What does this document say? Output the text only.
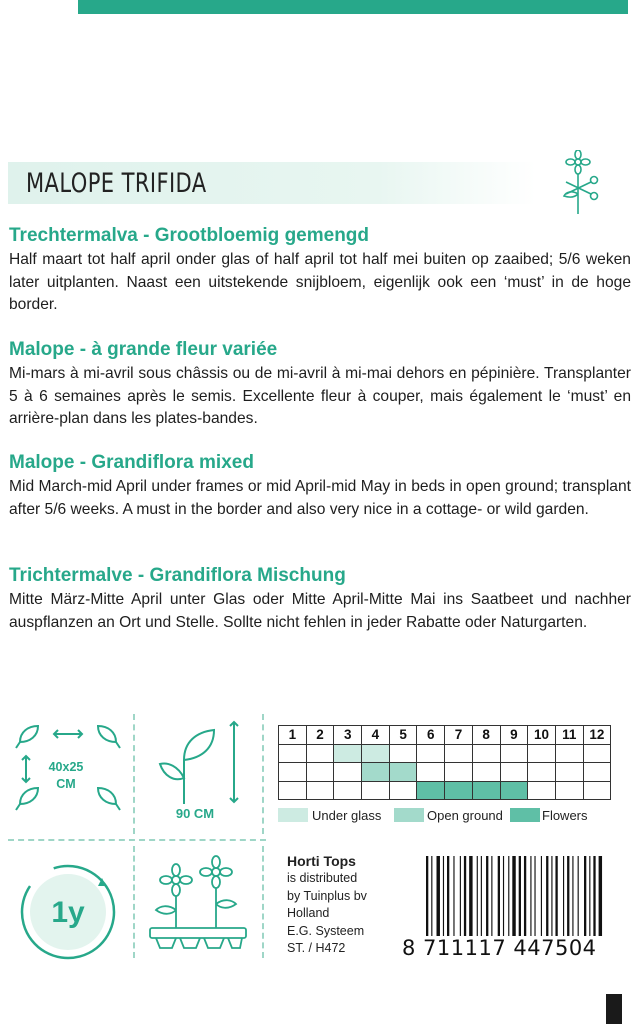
MALOPE TRIFIDA
Trechtermalva - Grootbloemig gemengd

Half maart tot half april onder glas of half april tot half mei buiten op zaaibed; 5/6 weken later uitplanten. Naast een uitstekende snijbloem, eigenlijk ook een ‘must’ in de hoge border.

Malope - à grande fleur variée

Mi-mars à mi-avril sous châssis ou de mi-avril à mi-mai dehors en pépinière. Transplanter 5 à 6 semaines après le semis. Excellente fleur à couper, mais également le ‘must’ en arrière-plan dans les plates-bandes.

Malope - Grandiflora mixed

Mid March-mid April under frames or mid April-mid May in beds in open ground; transplant after 5/6 weeks. A must in the border and also very nice in a cottage- or wild garden.

Trichtermalve - Grandiflora Mischung

Mitte März-Mitte April unter Glas oder Mitte April-Mitte Mai ins Saatbeet und nachher auspflanzen an Ort und Stelle. Sollte nicht fehlen in jeder Rabatte oder Naturgarten.

40x25 CM
90 CM
1	2	3	4	5	6	7	8	9	10	11	12

Under glass	Open ground	Flowers
1y
Horti Tops
is distributed
by Tuinplus bv
Holland
E.G. Systeem
ST. / H472	8 711117 447504
